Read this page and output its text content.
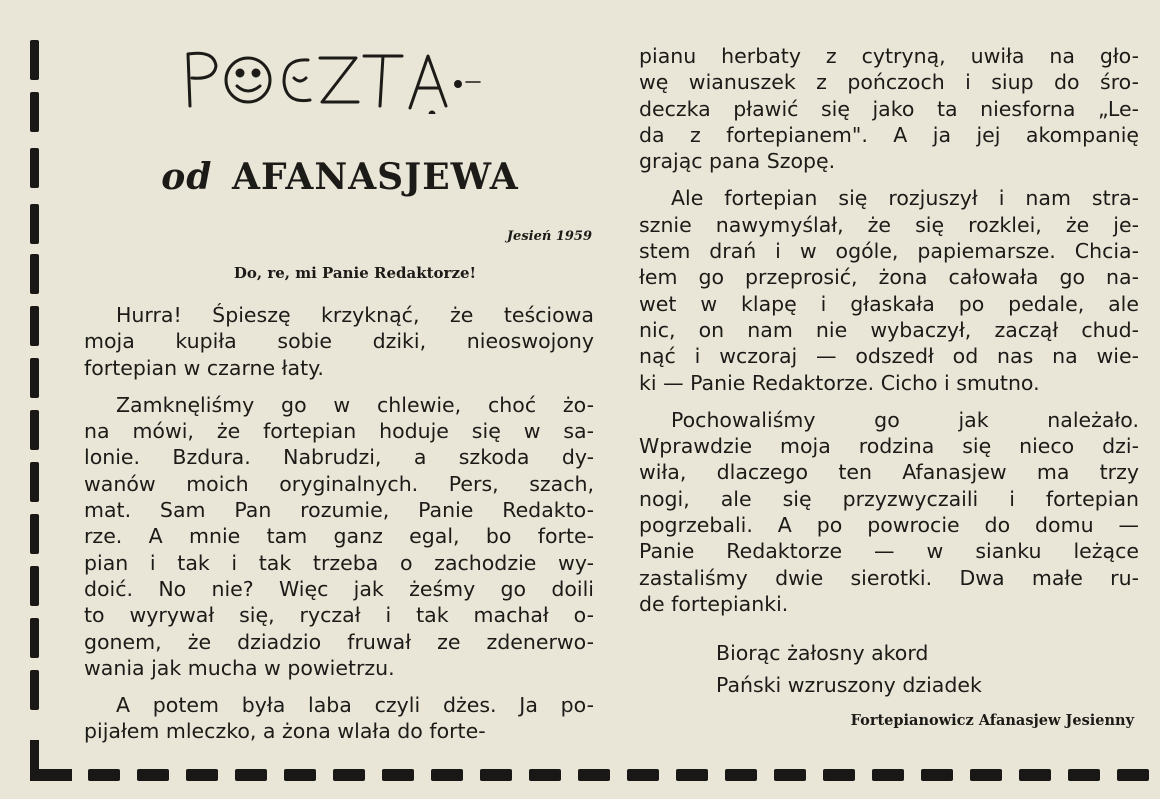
od AFANASJEWA
Jesień 1959
Do, re, mi Panie Redaktorze!

Hurra! Śpieszę krzyknąć, że teściowa
moja kupiła sobie dziki, nieoswojony
fortepian w czarne łaty.

Zamknęliśmy go w chlewie, choć żo-
na mówi, że fortepian hoduje się w sa-
lonie. Bzdura. Nabrudzi, a szkoda dy-
wanów moich oryginalnych. Pers, szach,
mat. Sam Pan rozumie, Panie Redakto-
rze. A mnie tam ganz egal, bo forte-
pian i tak i tak trzeba o zachodzie wy-
doić. No nie? Więc jak żeśmy go doili
to wyrywał się, ryczał i tak machał o-
gonem, że dziadzio fruwał ze zdenerwo-
wania jak mucha w powietrzu.

A potem była laba czyli dżes. Ja po-
pijałem mleczko, a żona wlała do forte-

pianu herbaty z cytryną, uwiła na gło-
wę wianuszek z pończoch i siup do śro-
deczka pławić się jako ta niesforna „Le-
da z fortepianem". A ja jej akompanię
grając pana Szopę.

Ale fortepian się rozjuszył i nam stra-
sznie nawymyślał, że się rozklei, że je-
stem drań i w ogóle, papiemarsze. Chcia-
łem go przeprosić, żona całowała go na-
wet w klapę i głaskała po pedale, ale
nic, on nam nie wybaczył, zaczął chud-
nąć i wczoraj — odszedł od nas na wie-
ki — Panie Redaktorze. Cicho i smutno.

Pochowaliśmy go jak należało.
Wprawdzie moja rodzina się nieco dzi-
wiła, dlaczego ten Afanasjew ma trzy
nogi, ale się przyzwyczaili i fortepian
pogrzebali. A po powrocie do domu —
Panie Redaktorze — w sianku leżące
zastaliśmy dwie sierotki. Dwa małe ru-
de fortepianki.

Biorąc żałosny akord
Pański wzruszony dziadek
Fortepianowicz Afanasjew Jesienny
